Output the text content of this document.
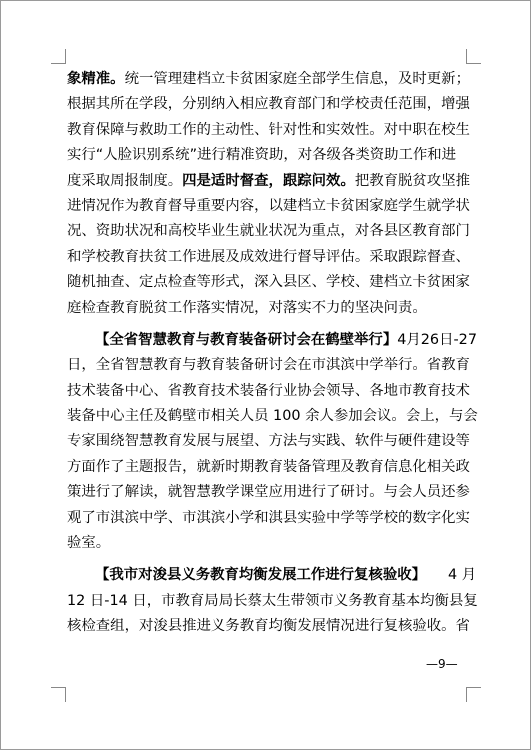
象精准。统一管理建档立卡贫困家庭全部学生信息，及时更新；
根据其所在学段，分别纳入相应教育部门和学校责任范围，增强
教育保障与救助工作的主动性、针对性和实效性。对中职在校生
实行“人脸识别系统”进行精准资助，对各级各类资助工作和进
度采取周报制度。四是适时督查，跟踪问效。把教育脱贫攻坚推
进情况作为教育督导重要内容，以建档立卡贫困家庭学生就学状
况、资助状况和高校毕业生就业状况为重点，对各县区教育部门
和学校教育扶贫工作进展及成效进行督导评估。采取跟踪督查、
随机抽查、定点检查等形式，深入县区、学校、建档立卡贫困家
庭检查教育脱贫工作落实情况，对落实不力的坚决问责。
【全省智慧教育与教育装备研讨会在鹤壁举行】4月26日-27
日，全省智慧教育与教育装备研讨会在市淇滨中学举行。省教育
技术装备中心、省教育技术装备行业协会领导、各地市教育技术
装备中心主任及鹤壁市相关人员 100 余人参加会议。会上，与会
专家围绕智慧教育发展与展望、方法与实践、软件与硬件建设等
方面作了主题报告，就新时期教育装备管理及教育信息化相关政
策进行了解读，就智慧教学课堂应用进行了研讨。与会人员还参
观了市淇滨中学、市淇滨小学和淇县实验中学等学校的数字化实
验室。
【我市对浚县义务教育均衡发展工作进行复核验收】 4 月
12 日-14 日，市教育局局长蔡太生带领市义务教育基本均衡县复
核检查组，对浚县推进义务教育均衡发展情况进行复核验收。省
—9—
